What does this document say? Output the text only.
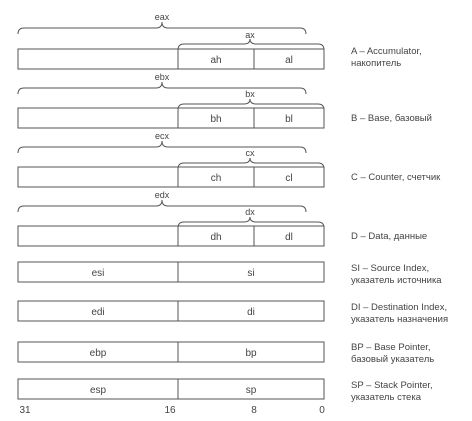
eax
ax
ah	al
ebx
bx
bh	bl
ecx
cx
ch	cl
edx
dx
dh	dl
esi	si
edi	di
ebp	bp
esp	sp
31	16	8	0
A – Accumulator,
накопитель
B – Base, базовый
C – Counter, счетчик
D – Data, данные
SI – Source Index,
указатель источника
DI – Destination Index,
указатель назначения
BP – Base Pointer,
базовый указатель
SP – Stack Pointer,
указатель стека
